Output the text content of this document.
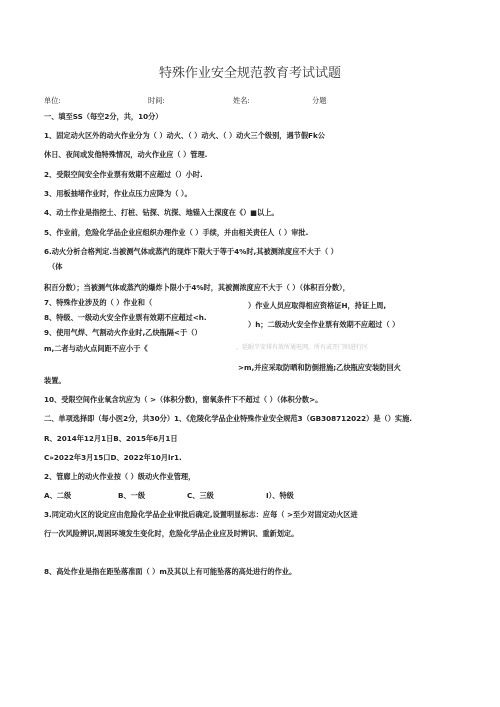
特殊作业安全规范教育考试试题
单位:	时间:	姓名:	分题
一、填至SS（每空2分，共，10分）
1、固定动火区外的动火作业分为（ ）动火、（ ）动火、（ ）动火三个级别，遇节假Fk公
休日、夜间或发他特殊情况，动火作业应（ ）管理.
2、受限空间安全作业票有效期不应超过（）小时.
3、用板抽堵作业时，作业点压力应降为（ ）。
4、动土作业是指挖土、打桩、钻探、坑探、地锚入土深度在《）■以上。
5、作业前，危险化学品企业应组织办理作业（ ）手续，并由相关责任人（ ）审批.
6.动火分析合格判定.当被测气体或蒸汽的现炸下限大于等于4%时,其被测浓度应不大于（ ）
（体
积百分数）；当被测气体或蒸汽的爆炸卜限小于4%时，其被测浓度应不大于（ ）（体积百分数），
7、特殊作业涉及的（ ）作业和（	）作业人员应取得相应资格证H，持证上周,
8、特级、一级动火安全作业票有效期不应超过<h.
）h；二级动火安全作业票有效期不应超过（ ）
9、使用气焊、气割动火作业时,乙炔瓶隔<于（）
，延眠半安排有效所通电网，所有或开门则进行区
m,二者与动火点间距不应小于《
>m,并应采取防晒和防倒措施;乙炔瓶应安装防回火
装置。
10、受限空间作业氧含坑应为（ >（体积分数)，窗氧条件下不超过（ ）（体积分数>。
二、单项选择即（每小医2分，共30分）1、《危陵化学品企业特殊作业安全规范3（GB308712022）是（）实施.
R、2014年12月1日B、2015年6月1日
C»2022年3月15口D、2022年10月lr1.
2、管廊上的动火作业按（ ）级动火作业管理，
A、二级	B、一级	C、三级	I）、特级
3.同定动火区的设定应由危险化学品企业审批后确定,设置明显标志：应每（ >至少对固定动火区进
行一次风险辨识,周困环境发生变化时，危险化学品企业应及时辨识、重新划定。
8、高处作业是指在距坠落准面（ ）m及其以上有可能坠落的高处进行的作业。
